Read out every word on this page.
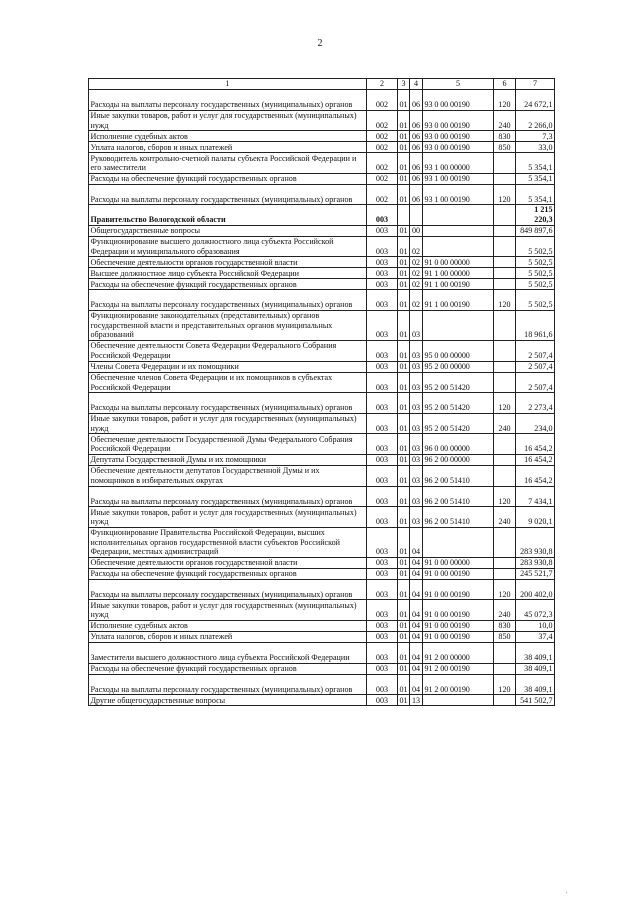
2
1	2	3	4	5	6	7
Расходы на выплаты персоналу государственных (муниципальных) органов	002	01	06	93 0 00 00190	120	24 672,1
Иные закупки товаров, работ и услуг для государственных (муниципальных) нужд	002	01	06	93 0 00 00190	240	2 266,0
Исполнение судебных актов	002	01	06	93 0 00 00190	830	7,3
Уплата налогов, сборов и иных платежей	002	01	06	93 0 00 00190	850	33,0
Руководитель контрольно-счетной палаты субъекта Российской Федерации и его заместители	002	01	06	93 1 00 00000		5 354,1
Расходы на обеспечение функций государственных органов	002	01	06	93 1 00 00190		5 354,1
Расходы на выплаты персоналу государственных (муниципальных) органов	002	01	06	93 1 00 00190	120	5 354,1
Правительство Вологодской области	003					1 215 220,3
Общегосударственные вопросы	003	01	00			849 897,6
Функционирование высшего должностного лица субъекта Российской Федерации и муниципального образования	003	01	02			5 502,5
Обеспечение деятельности органов государственной власти	003	01	02	91 0 00 00000		5 502,5
Высшее должностное лицо субъекта Российской Федерации	003	01	02	91 1 00 00000		5 502,5
Расходы на обеспечение функций государственных органов	003	01	02	91 1 00 00190		5 502,5
Расходы на выплаты персоналу государственных (муниципальных) органов	003	01	02	91 1 00 00190	120	5 502,5
Функционирование законодательных (представительных) органов государственной власти и представительных органов муниципальных образований	003	01	03			18 961,6
Обеспечение деятельности Совета Федерации Федерального Собрания Российской Федерации	003	01	03	95 0 00 00000		2 507,4
Члены Совета Федерации и их помощники	003	01	03	95 2 00 00000		2 507,4
Обеспечение членов Совета Федерации и их помощников в субъектах Российской Федерации	003	01	03	95 2 00 51420		2 507,4
Расходы на выплаты персоналу государственных (муниципальных) органов	003	01	03	95 2 00 51420	120	2 273,4
Иные закупки товаров, работ и услуг для государственных (муниципальных) нужд	003	01	03	95 2 00 51420	240	234,0
Обеспечение деятельности Государственной Думы Федерального Собрания Российской Федерации	003	01	03	96 0 00 00000		16 454,2
Депутаты Государственной Думы и их помощники	003	01	03	96 2 00 00000		16 454,2
Обеспечение деятельности депутатов Государственной Думы и их помощников в избирательных округах	003	01	03	96 2 00 51410		16 454,2
Расходы на выплаты персоналу государственных (муниципальных) органов	003	01	03	96 2 00 51410	120	7 434,1
Иные закупки товаров, работ и услуг для государственных (муниципальных) нужд	003	01	03	96 2 00 51410	240	9 020,1
Функционирование Правительства Российской Федерации, высших исполнительных органов государственной власти субъектов Российской Федерации, местных администраций	003	01	04			283 930,8
Обеспечение деятельности органов государственной власти	003	01	04	91 0 00 00000		283 930,8
Расходы на обеспечение функций государственных органов	003	01	04	91 0 00 00190		245 521,7
Расходы на выплаты персоналу государственных (муниципальных) органов	003	01	04	91 0 00 00190	120	200 402,0
Иные закупки товаров, работ и услуг для государственных (муниципальных) нужд	003	01	04	91 0 00 00190	240	45 072,3
Исполнение судебных актов	003	01	04	91 0 00 00190	830	10,0
Уплата налогов, сборов и иных платежей	003	01	04	91 0 00 00190	850	37,4
Заместители высшего должностного лица субъекта Российской Федерации	003	01	04	91 2 00 00000		38 409,1
Расходы на обеспечение функций государственных органов	003	01	04	91 2 00 00190		38 409,1
Расходы на выплаты персоналу государственных (муниципальных) органов	003	01	04	91 2 00 00190	120	38 409,1
Другие общегосударственные вопросы	003	01	13			541 502,7
'
